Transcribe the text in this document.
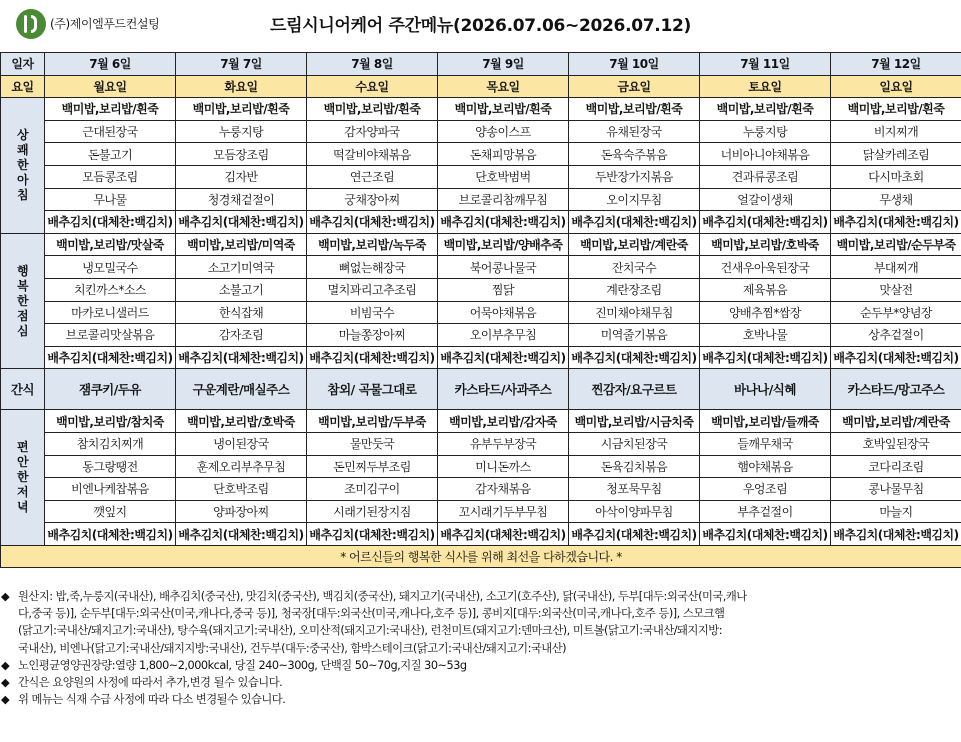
(주)제이엘푸드컨설팅	드림시니어케어 주간메뉴(2026.07.06~2026.07.12)
일자	7월 6일	7월 7일	7월 8일	7월 9일	7월 10일	7월 11일	7월 12일
요일	월요일	화요일	수요일	목요일	금요일	토요일	일요일

상
쾌
한
아
침	백미밥,보리밥/흰죽	백미밥,보리밥/흰죽	백미밥,보리밥/흰죽	백미밥,보리밥/흰죽	백미밥,보리밥/흰죽	백미밥,보리밥/흰죽	백미밥,보리밥/흰죽
	근대된장국	누룽지탕	감자양파국	양송이스프	유채된장국	누룽지탕	비지찌개
	돈불고기	모듬장조림	떡갈비야채볶음	돈채피망볶음	돈육숙주볶음	너비아니야채볶음	닭살카레조림
	모듬콩조림	김자반	연근조림	단호박범벅	두반장가지볶음	견과류콩조림	다시마초회
	무나물	청경채겉절이	궁채장아찌	브로콜리참깨무침	오이지무침	얼갈이생채	무생채
	배추김치(대체찬:백김치)	배추김치(대체찬:백김치)	배추김치(대체찬:백김치)	배추김치(대체찬:백김치)	배추김치(대체찬:백김치)	배추김치(대체찬:백김치)	배추김치(대체찬:백김치)

행
복
한
점
심	백미밥,보리밥/맛살죽	백미밥,보리밥/미역죽	백미밥,보리밥/녹두죽	백미밥,보리밥/양배추죽	백미밥,보리밥/계란죽	백미밥,보리밥/호박죽	백미밥,보리밥/순두부죽
	냉모밀국수	소고기미역국	뼈없는해장국	북어콩나물국	잔치국수	건새우아욱된장국	부대찌개
	치킨까스*소스	소불고기	멸치꽈리고추조림	찜닭	계란장조림	제육볶음	맛살전
	마카로니샐러드	한식잡채	비빔국수	어묵야채볶음	진미채야채무침	양배추찜*쌈장	순두부*양념장
	브로콜리맛살볶음	감자조림	마늘쫑장아찌	오이부추무침	미역줄기볶음	호박나물	상추겉절이
	배추김치(대체찬:백김치)	배추김치(대체찬:백김치)	배추김치(대체찬:백김치)	배추김치(대체찬:백김치)	배추김치(대체찬:백김치)	배추김치(대체찬:백김치)	배추김치(대체찬:백김치)
간식	잼쿠키/두유	구운계란/매실주스	참외/ 곡물그대로	카스타드/사과주스	찐감자/요구르트	바나나/식혜	카스타드/망고주스

편
안
한
저
녁	백미밥,보리밥/참치죽	백미밥,보리밥/호박죽	백미밥,보리밥/두부죽	백미밥,보리밥/감자죽	백미밥,보리밥/시금치죽	백미밥,보리밥/들깨죽	백미밥,보리밥/계란죽
	참치김치찌개	냉이된장국	물만둣국	유부두부장국	시금치된장국	들깨무채국	호박잎된장국
	동그랑땡전	훈제오리부추무침	돈민찌두부조림	미니돈까스	돈육김치볶음	햄야채볶음	코다리조림
	비엔나케찹볶음	단호박조림	조미김구이	감자채볶음	청포묵무침	우엉조림	콩나물무침
	깻잎지	양파장아찌	시래기된장지짐	꼬시래기두부무침	아삭이양파무침	부추겉절이	마늘지
	배추김치(대체찬:백김치)	배추김치(대체찬:백김치)	배추김치(대체찬:백김치)	배추김치(대체찬:백김치)	배추김치(대체찬:백김치)	배추김치(대체찬:백김치)	배추김치(대체찬:백김치)
* 어르신들의 행복한 식사를 위해 최선을 다하겠습니다. *							
◆ 원산지: 밥,죽,누룽지(국내산), 배추김치(중국산), 맛김치(중국산), 백김치(중국산), 돼지고기(국내산), 소고기(호주산), 닭(국내산), 두부[대두:외국산(미국,캐나
다,중국 등)], 순두부[대두:외국산(미국,캐나다,중국 등)], 청국장[대두:외국산(미국,캐나다,호주 등)], 콩비지[대두:외국산(미국,캐나다,호주 등)], 스모크햄
(닭고기:국내산/돼지고기:국내산), 탕수육(돼지고기:국내산), 오미산적(돼지고기:국내산), 런천미트(돼지고기:덴마크산), 미트볼(닭고기:국내산/돼지지방:
국내산), 비엔나(닭고기:국내산/돼지지방:국내산), 건두부(대두:중국산), 함박스테이크(닭고기:국내산/돼지고기:국내산)
◆ 노인평균영양권장량:열량 1,800~2,000kcal, 당질 240~300g, 단백질 50~70g,지질 30~53g
◆ 간식은 요양원의 사정에 따라서 추가,변경 될수 있습니다.
◆ 위 메뉴는 식재 수급 사정에 따라 다소 변경될수 있습니다.
